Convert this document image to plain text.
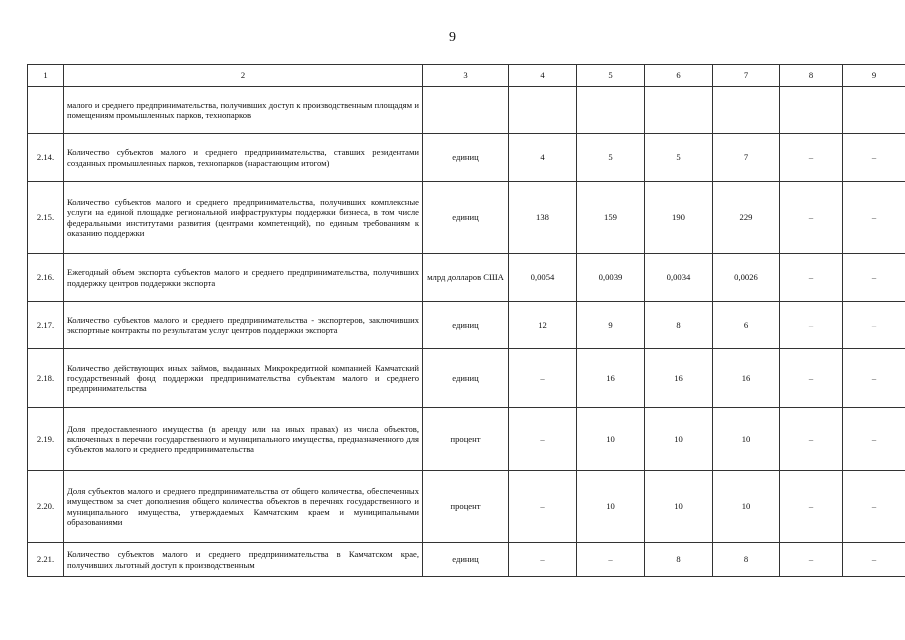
9
1	2	3	4	5	6	7	8	9
	малого и среднего предпринимательства, получивших доступ к производственным площадям и помещениям промышленных парков, технопарков							
2.14.	Количество субъектов малого и среднего предпринимательства, ставших резидентами созданных промышленных парков, технопарков (нарастающим итогом)	единиц	4	5	5	7	–	–
2.15.	Количество субъектов малого и среднего предпринимательства, получивших комплексные услуги на единой площадке региональной инфраструктуры поддержки бизнеса, в том числе федеральными институтами развития (центрами компетенций), по единым требованиям к оказанию поддержки	единиц	138	159	190	229	–	–
2.16.	Ежегодный объем экспорта субъектов малого и среднего предпринимательства, получивших поддержку центров поддержки экспорта	млрд долларов США	0,0054	0,0039	0,0034	0,0026	–	–
2.17.	Количество субъектов малого и среднего предпринимательства - экспортеров, заключивших экспортные контракты по результатам услуг центров поддержки экспорта	единиц	12	9	8	6	–	–
2.18.	Количество действующих иных займов, выданных Микрокредитной компанией Камчатский государственный фонд поддержки предпринимательства субъектам малого и среднего предпринимательства	единиц	–	16	16	16	–	–
2.19.	Доля предоставленного имущества (в аренду или на иных правах) из числа объектов, включенных в перечни государственного и муниципального имущества, предназначенного для субъектов малого и среднего предпринимательства	процент	–	10	10	10	–	–
2.20.	Доля субъектов малого и среднего предпринимательства от общего количества, обеспеченных имуществом за счет дополнения общего количества объектов в перечнях государственного и муниципального имущества, утверждаемых Камчатским краем и муниципальными образованиями	процент	–	10	10	10	–	–
2.21.	Количество субъектов малого и среднего предпринимательства в Камчатском крае, получивших льготный доступ к производственным	единиц	–	–	8	8	–	–
